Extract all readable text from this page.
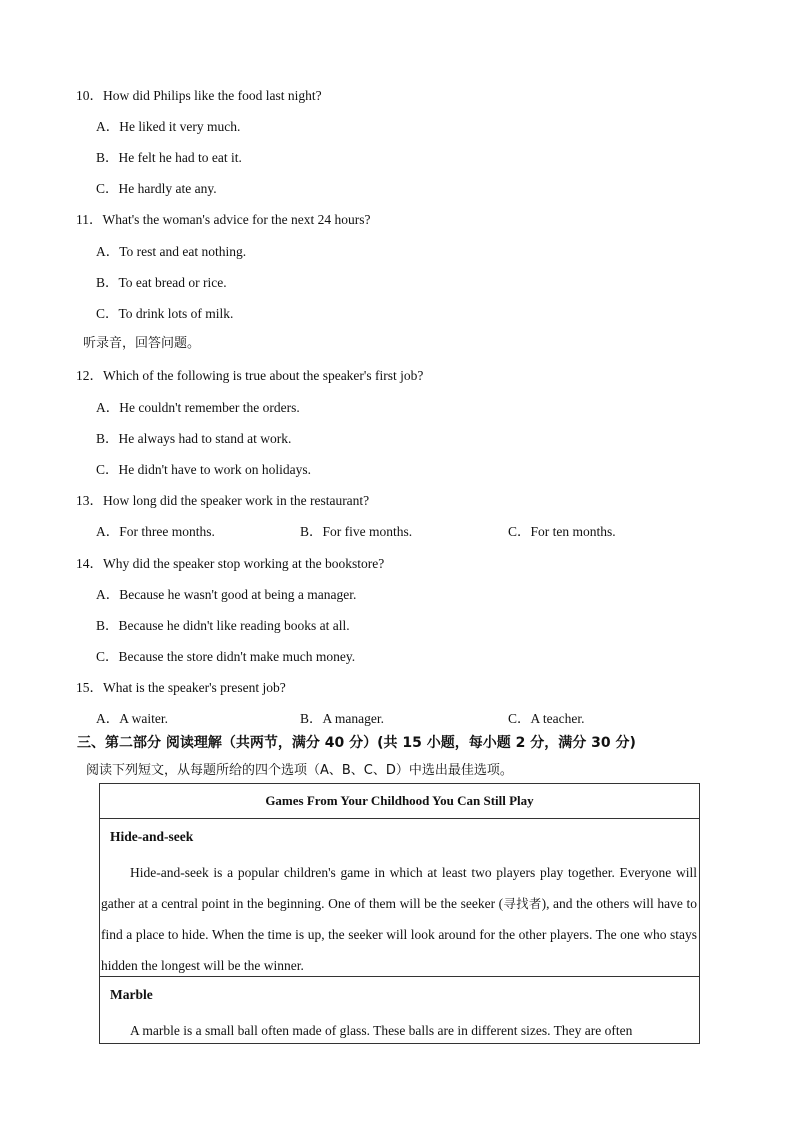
10．How did Philips like the food last night?
A．He liked it very much.
B．He felt he had to eat it.
C．He hardly ate any.
11．What's the woman's advice for the next 24 hours?
A．To rest and eat nothing.
B．To eat bread or rice.
C．To drink lots of milk.
听录音，回答问题。
12．Which of the following is true about the speaker's first job?
A．He couldn't remember the orders.
B．He always had to stand at work.
C．He didn't have to work on holidays.
13．How long did the speaker work in the restaurant?
A．For three months.	B．For five months.	C．For ten months.
14．Why did the speaker stop working at the bookstore?
A．Because he wasn't good at being a manager.
B．Because he didn't like reading books at all.
C．Because the store didn't make much money.
15．What is the speaker's present job?
A．A waiter.	B．A manager.	C．A teacher.
三、第二部分 阅读理解（共两节，满分 40 分）(共 15 小题，每小题 2 分，满分 30 分)
阅读下列短文，从每题所给的四个选项（A、B、C、D）中选出最佳选项。
Games From Your Childhood You Can Still Play

Hide-and-seek
Hide-and-seek is a popular children's game in which at least two players play together. Everyone will gather at a central point in the beginning. One of them will be the seeker (寻找者), and the others will have to find a place to hide. When the time is up, the seeker will look around for the other players. The one who stays hidden the longest will be the winner.

Marble
A marble is a small ball often made of glass. These balls are in different sizes. They are often
